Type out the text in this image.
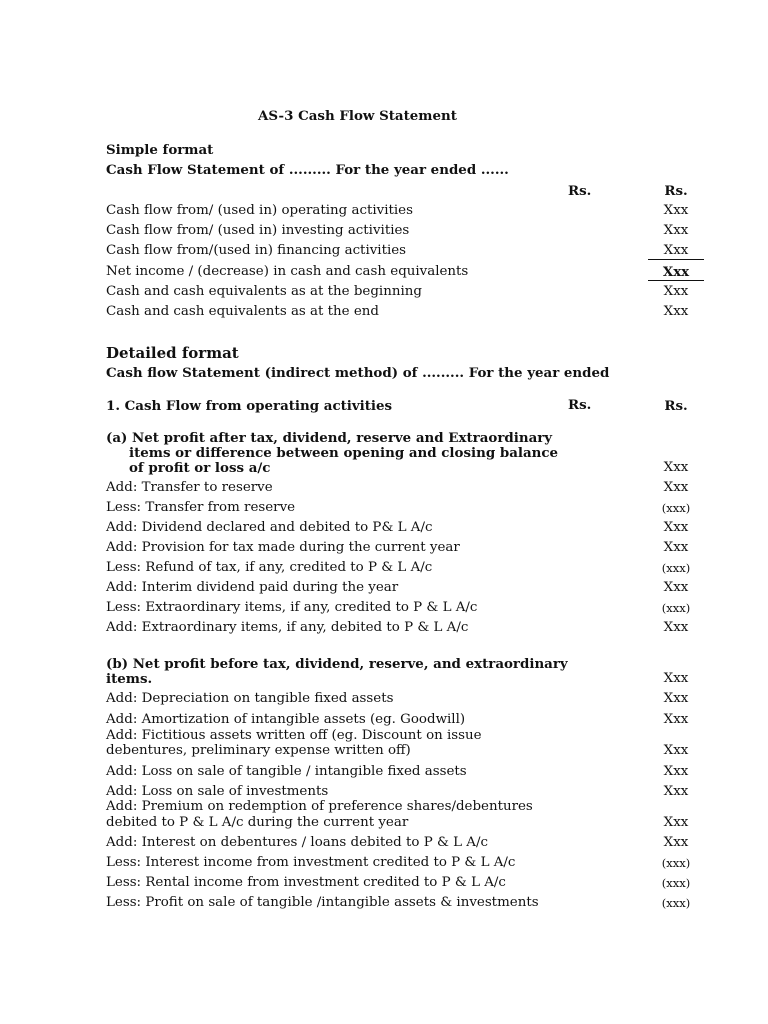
AS-3 Cash Flow Statement
Simple format
Cash Flow Statement of ......... For the year ended ......
Rs.	Rs.
Cash flow from/ (used in) operating activities	Xxx
Cash flow from/ (used in) investing activities	Xxx
Cash flow from/(used in) financing activities	Xxx
Net income / (decrease) in cash and cash equivalents	Xxx
Cash and cash equivalents as at the beginning	Xxx
Cash and cash equivalents as at the end	Xxx
Detailed format
Cash flow Statement (indirect method) of ......... For the year ended
1. Cash Flow from operating activities	Rs.	Rs.
(a) Net profit after tax, dividend, reserve and Extraordinary
items or difference between opening and closing balance
of profit or loss a/c	Xxx
Add: Transfer to reserve	Xxx
Less: Transfer from reserve	(xxx)
Add: Dividend declared and debited to P& L A/c	Xxx
Add: Provision for tax made during the current year	Xxx
Less: Refund of tax, if any, credited to P & L A/c	(xxx)
Add: Interim dividend paid during the year	Xxx
Less: Extraordinary items, if any, credited to P & L A/c	(xxx)
Add: Extraordinary items, if any, debited to P & L A/c	Xxx
(b) Net profit before tax, dividend, reserve, and extraordinary
items.	Xxx
Add: Depreciation on tangible fixed assets	Xxx
Add: Amortization of intangible assets (eg. Goodwill)	Xxx
Add: Fictitious assets written off (eg. Discount on issue
debentures, preliminary expense written off)	Xxx
Add: Loss on sale of tangible / intangible fixed assets	Xxx
Add: Loss on sale of investments	Xxx
Add: Premium on redemption of preference shares/debentures
debited to P & L A/c during the current year	Xxx
Add: Interest on debentures / loans debited to P & L A/c	Xxx
Less: Interest income from investment credited to P & L A/c	(xxx)
Less: Rental income from investment credited to P & L A/c	(xxx)
Less: Profit on sale of tangible /intangible assets & investments	(xxx)
